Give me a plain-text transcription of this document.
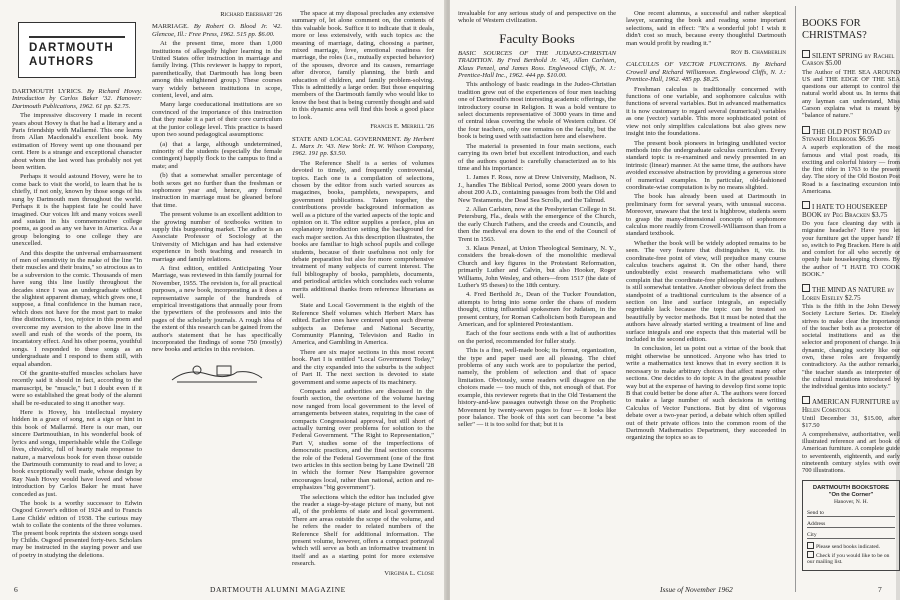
DARTMOUTH
AUTHORS

DARTMOUTH LYRICS. By Richard Hovey. Introduction by Carlos Baker '32. Hanover: Dartmouth Publications, 1962. 61 pp. $2.75.

The impressive discovery I made in recent years about Hovey is that he had a literary and a Paris friendship with Mallarmé. This one learns from Allan Macdonald's excellent book. My estimation of Hovey went up one thousand per cent. Here is a strange and exceptional character about whom the last word has probably not yet been written.

Perhaps it would astound Hovey, were he to come back to visit the world, to learn that he is chiefly, if not only, known by those songs of his sung by Dartmouth men throughout the world. Perhaps it is the happiest fate he could have imagined. Our voices lift and many voices swell and sustain in his commemorative college poems, as good as any we have in America. As a group belonging to one college they are unexcelled.

And this despite the universal embarrassment of men of sensitivity in the make of the line "In their muscles and their brains," so atrocious as to be a subversion to the comic. Thousands of men have sung this line lustily throughout the decades since I was an undergraduate without the slightest apparent dismay, which gives one, I suppose, a final confidence in the human race, which does not have for the most part to make fine distinctions. I, too, rejoice in this poem and overcome my aversion to the above line in the swell and rush of the words of the poem, its incantatory effect. And his other poems, youthful songs. I responded to these songs as an undergraduate and I respond to them still, with equal abandon.

Of the granite-stuffed muscles scholars have recently said it should in fact, according to the manuscript, be "muscle," but I doubt even if it were so established the great body of the alumni shall be re-educated to sing it another way.

Here is Hovey, his intellectual mystery hidden in a grace of song, not a sign or hint in this book of Mallarmé. Here is our man, our sincere Dartmouthian, in his wonderful book of lyrics and songs, imperishable while the College lives, chivalric, full of hearty male response to nature, a marvelous book for even those outside the Dartmouth community to read and to love; a book exceptionally well made, whose design by Ray Nash Hovey would have loved and whose introduction by Carlos Baker he must have conceded as just.

The book is a worthy successor to Edwin Osgood Grover's edition of 1924 and to Francis Lane Childs' edition of 1938. The curious may wish to collate the contents of the three volumes. The present book reprints the sixteen songs used by Childs. Osgood presented forty-two. Scholars may be instructed in the staying power and use of poetry in studying the deletions.

Richard Eberhart '26

MARRIAGE. By Robert O. Blood Jr. '42. Glencoe, Ill.: Free Press, 1962. 515 pp. $6.00.

At the present time, more than 1,000 institutions of allegedly higher learning in the United States offer instruction in marriage and family living. (This reviewer is happy to report, parenthetically, that Dartmouth has long been among this enlightened group.) These courses vary widely between institutions in scope, content, level, and aim.

Many large coeducational institutions are so convinced of the importance of this instruction that they make it a part of their core curriculum at the junior college level. This practice is based upon two sound pedagogical assumptions:

(a) that a large, although undetermined, minority of the students (especially the female contingent) happily flock to the campus to find a mate; and

(b) that a somewhat smaller percentage of both sexes get no further than the freshman or sophomore year and, hence, any formal instruction in marriage must be gleaned before that time.

The present volume is an excellent addition to the growing number of textbooks written to supply this burgeoning market. The author is an Associate Professor of Sociology at the University of Michigan and has had extensive experience in both teaching and research in marriage and family relations.

A first edition, entitled Anticipating Your Marriage, was reviewed in this family journal for November, 1955. The revision is, for all practical purposes, a new book, incorporating as it does a representative sample of the hundreds of empirical investigations that annually pour from the typewriters of the professors and into the pages of the scholarly journals. A rough idea of the extent of this research can be gained from the author's statement that he has specifically incorporated the findings of some 750 (mostly) new books and articles in this revision.

The space at my disposal precludes any extensive summary of, let alone comment on, the contents of this valuable book. Suffice it to indicate that it deals, more or less extensively, with such topics as: the meaning of marriage, dating, choosing a partner, mixed marriage, love, emotional readiness for marriage, the roles (i.e., mutually expected behavior) of the spouses, divorce and its causes, remarriage after divorce, family planning, the birth and education of children, and family problem-solving. This is admittedly a large order. But those enquiring members of the Dartmouth family who would like to know the best that is being currently thought and said in this dynamic area will find this book a good place to look.

Francis E. Merrill '26

STATE AND LOCAL GOVERNMENT. By Herbert L. Marx Jr. '43. New York: H. W. Wilson Company, 1962. 191 pp. $3.50.

The Reference Shelf is a series of volumes devoted to timely, and frequently controversial, topics. Each one is a compilation of selections, chosen by the editor from such varied sources as magazines, books, pamphlets, newspapers, and government publications. Taken together, the contributions provide background information as well as a picture of the varied aspects of the topic and opinion on it. The editor supplies a preface, plus an explanatory introduction setting the background for each major section. As this description illustrates, the books are familiar to high school pupils and college students, because of their usefulness not only for debate preparation but also for more comprehensive treatment of many subjects of current interest. The full bibliography of books, pamphlets, documents, and periodical articles which concludes each volume merits additional thanks from reference librarians as well.

State and Local Government is the eighth of the Reference Shelf volumes which Herbert Marx has edited. Earlier ones have centered upon such diverse subjects as Defense and National Security, Community Planning, Television and Radio in America, and Gambling in America.

There are six major sections in this most recent book. Part I is entitled "Local Government Today," and the city expanded into the suburbs is the subject of Part II. The next section is devoted to state government and some aspects of its machinery.

Compacts and authorities are discussed in the fourth section, the overtone of the volume having now ranged from local government to the level of arrangements between states, requiring in the case of compacts Congressional approval, but still short of actually turning over problems for solution to the Federal Government. "The Right to Representation," Part V, studies some of the imperfections of democratic practices, and the final section concerns the role of the Federal Government (one of the first two articles in this section being by Lane Dwinell '28 in which the former New Hampshire governor encourages local, rather than national, action and re-emphasizes "big government").

The selections which the editor has included give the reader a stage-by-stage picture of many, but not all, of the problems of state and local government. There are areas outside the scope of the volume, and he refers the reader to related numbers of the Reference Shelf for additional information. The present volume, however, offers a compact portrayal which will serve as both an informative treatment in itself and as a starting point for more extensive research.

Virginia L. Close
6	DARTMOUTH ALUMNI MAGAZINE

invaluable for any serious study of and perspective on the whole of Western civilization.

Faculty Books

BASIC SOURCES OF THE JUDAEO-CHRISTIAN TRADITION. By Fred Berthold Jr. '45, Allan Carlsten, Klaus Penzel, and James Ross. Englewood Cliffs, N. J.: Prentice-Hall Inc., 1962. 444 pp. $10.00.

This anthology of basic readings in the Judeo-Christian tradition grew out of the experiences of four men teaching one of Dartmouth's most interesting academic offerings, the introductory course in Religion. It was a bold venture to select documents representative of 3000 years in time and of central ideas covering the whole of Western culture. Of the four teachers, only one remains on the faculty, but the book is being used with satisfaction here and elsewhere.

The material is presented in four main sections, each carrying its own brief but excellent introduction, and each of the authors quoted is carefully characterized as to his time and his importance:

1. James F. Ross, now at Drew University, Madison, N. J., handles The Biblical Period, some 2000 years down to about 200 A.D., containing passages from both the Old and New Testaments, the Dead Sea Scrolls, and the Talmud.

2. Allan Carlsten, now at the Presbyterian College in St. Petersburg, Fla., deals with the emergence of the Church, the early Church Fathers, and the creeds and Councils, and then the medieval era down to the end of the Council of Trent in 1563.

3. Klaus Penzel, at Union Theological Seminary, N. Y., considers the break-down of the monolithic medieval Church and key figures in the Protestant Reformation, primarily Luther and Calvin, but also Hooker, Roger Williams, John Wesley, and others—from 1517 (the date of Luther's 95 theses) to the 18th century.

4. Fred Berthold Jr., Dean of the Tucker Foundation, attempts to bring into some order the chaos of modern thought, citing influential spokesmen for Judaism, in the present century, for Roman Catholicism both European and American, and for splintered Protestantism.

Each of the four sections ends with a list of authorities on the period, recommended for fuller study.

This is a fine, well-made book; its format, organization, the type and paper used are all pleasing. The chief problems of any such work are to popularize the period, namely, the problem of selection and that of space limitation. Obviously, some readers will disagree on the choices made — too much of this, not enough of that. For example, this reviewer regrets that in the Old Testament the history-and-law passages outweigh those on the Prophetic Movement by twenty-seven pages to four — it looks like poor balance. The book of this sort can become "a best seller" — it is too solid for that; but it is

One recent alumnus, a successful and rather skeptical lawyer, scanning the book and reading some important selections, said in effect: "It's a wonderful job! I wish it didn't cost so much, because every thoughtful Dartmouth man would profit by reading it."

Roy B. Chamberlin

CALCULUS OF VECTOR FUNCTIONS. By Richard Crowell and Richard Williamson. Englewood Cliffs, N. J.: Prentice-Hall, 1962. 485 pp. $8.25.

Freshman calculus is traditionally concerned with functions of one variable, and sophomore calculus with functions of several variables. But in advanced mathematics it is now customary to regard several (numerical) variables as one (vector) variable. This more sophisticated point of view not only simplifies calculations but also gives new insight into the foundations.

The present book pioneers in bringing undiluted vector methods into the undergraduate calculus curriculum. Every standard topic is re-examined and newly presented in an intrinsic (linear) manner. At the same time, the authors have avoided excessive abstraction by providing a generous store of numerical examples. In particular, old-fashioned coordinate-wise computation is by no means slighted.

The book has already been used at Dartmouth in preliminary form for several years, with unusual success. Moreover, unaware that the text is highbrow, students seem to grasp the many-dimensional concepts of sophomore calculus more readily from Crowell-Williamson than from a standard textbook.

Whether the book will be widely adopted remains to be seen. The very feature that distinguishes it, viz. its coordinate-free point of view, will prejudice many course calculus teachers against it. On the other hand, there undoubtedly exist research mathematicians who will complain that the coordinate-free philosophy of the authors is still somewhat tentative. Another obvious defect from the standpoint of a traditional curriculum is the absence of a section on line and surface integrals, an especially regrettable lack because the topic can be treated so beautifully by vector methods. But it must be noted that the authors have already started writing a treatment of line and surface integrals and one expects that this material will be included in the second edition.

In conclusion, let us point out a virtue of the book that might otherwise be unnoticed. Anyone who has tried to write a mathematics text knows that in every section it is necessary to make arbitrary choices that affect many other sections. One decides to do topic A in the greatest possible way but at the expense of having to develop first some topic B that could better be done after A. The authors were forced to make a large number of such decisions in writing Calculus of Vector Functions. But by dint of vigorous debate over a two-year period, a debate which often spilled out of their private offices into the common room of the Dartmouth Mathematics Department, they succeeded in organizing the topics so as to

BOOKS FOR CHRISTMAS?
SILENT SPRING by Rachel Carson $5.00
The Author of THE SEA AROUND US and THE EDGE OF THE SEA questions our attempt to control the natural world about us. In terms that any layman can understand, Miss Carson explains what is meant by "balance of nature."
THE OLD POST ROAD by Stewart Holbrook $6.95
A superb exploration of the most famous and vital post roads, its exciting and colorful history — from the first rider in 1763 to the present day. The story of the Old Boston Post Road is a fascinating excursion into Americana.
I HATE TO HOUSEKEEP BOOK by Peg Bracken $3.75
Do you face cleaning day with a migraine headache? Have you let your furniture get the upper hand? If so, switch to Peg Bracken. Here is aid and comfort for all who secretly or openly hate housekeeping chores. By the author of "I HATE TO COOK BOOK."
THE MIND AS NATURE by Loren Eiseley $2.75
This is the fifth in the John Dewey Society Lecture Series. Dr. Eiseley strives to make clear the importance of the teacher both as a protector of societal institutions and as the selector and proponent of change. In a dynamic, changing society like our own, these roles are frequently contradictory. As the author remarks, "the teacher stands as interpreter of the cultural mutations introduced by the individual genius into society."
AMERICAN FURNITURE by Helen Comstock
Until December 31, $15.00, after $17.50
A comprehensive, authoritative, well illustrated reference and art book of American furniture. A complete guide to seventeenth, eighteenth, and early nineteenth century styles with over 700 illustrations.
DARTMOUTH BOOKSTORE "On the Corner"
Hanover, N. H.
Send to
Address
City
Please send books indicated.
Check if you would like to be on our mailing list.
Issue of November 1962	7
